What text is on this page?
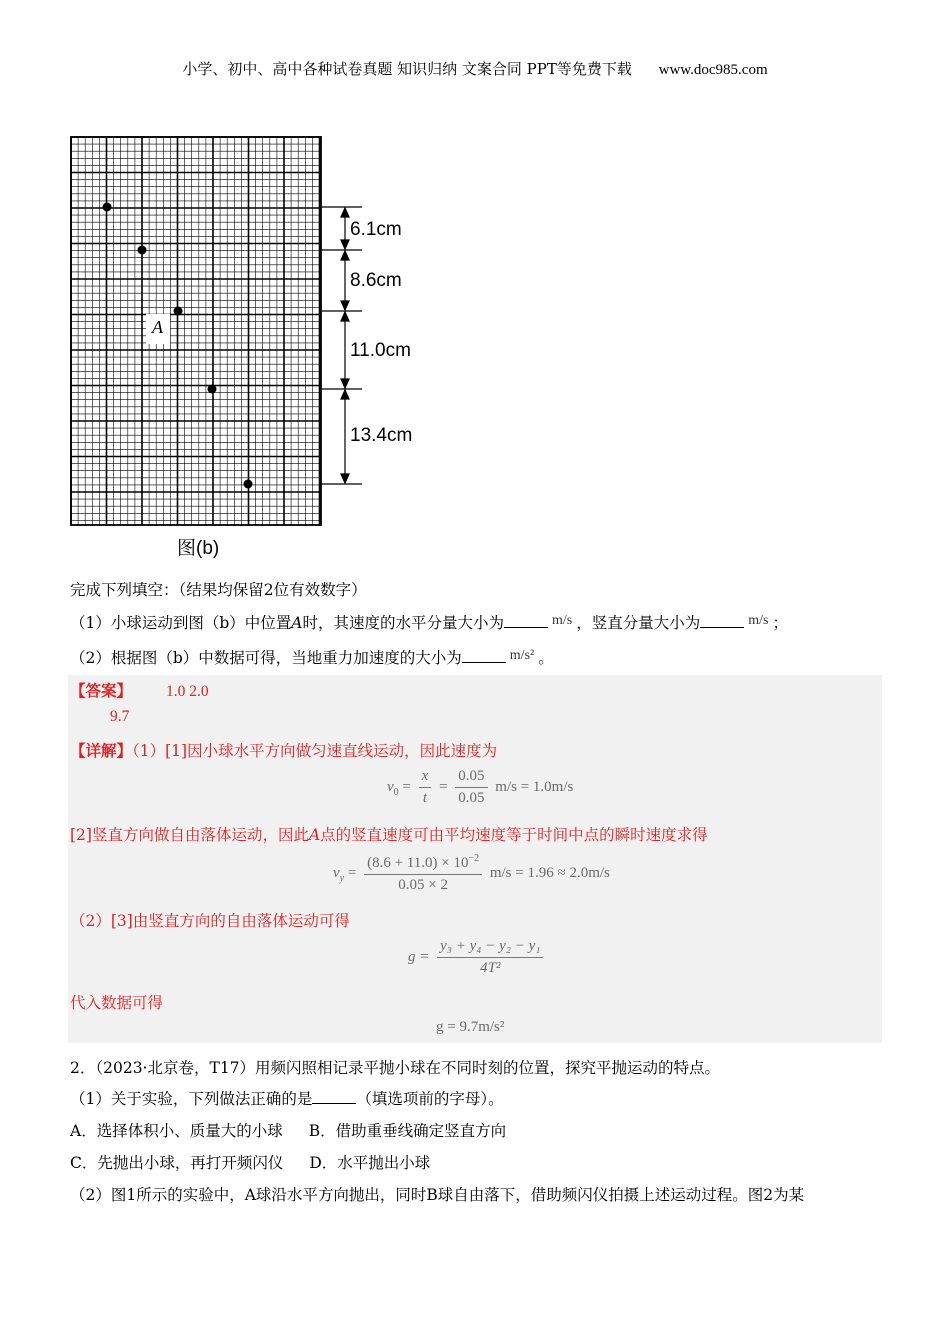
小学、初中、高中各种试卷真题 知识归纳 文案合同 PPT等免费下载 www.doc985.com
A
6.1cm
8.6cm
11.0cm
13.4cm
图(b)
完成下列填空：（结果均保留2位有效数字）
（1）小球运动到图（b）中位置A时，其速度的水平分量大小为	m/s ，竖直分量大小为	m/s ；
（2）根据图（b）中数据可得，当地重力加速度的大小为	m/s² 。
【答案】 1.0 2.0
9.7
【详解】（1）[1]因小球水平方向做匀速直线运动，因此速度为
$v_0 = \frac{x}{t} = \frac{0.05}{0.05} m/s = 1.0m/s$
[2]竖直方向做自由落体运动，因此A点的竖直速度可由平均速度等于时间中点的瞬时速度求得
$v_y = \frac{(8.6 + 11.0) \times 10^{-2}}{0.05 \times 2} m/s = 1.96 \approx 2.0m/s$
（2）[3]由竖直方向的自由落体运动可得
$g = \frac{\text{y₃ + y₄ − y₂ − y₁}}{\text{4T²}}$
代入数据可得
g = 9.7m/s²
2．（2023·北京卷，T17）用频闪照相记录平抛小球在不同时刻的位置，探究平抛运动的特点。
（1）关于实验，下列做法正确的是	（填选项前的字母）。
A．选择体积小、质量大的小球 B．借助重垂线确定竖直方向
C．先抛出小球，再打开频闪仪 D．水平抛出小球
（2）图1所示的实验中，A球沿水平方向抛出，同时B球自由落下，借助频闪仪拍摄上述运动过程。图2为某
